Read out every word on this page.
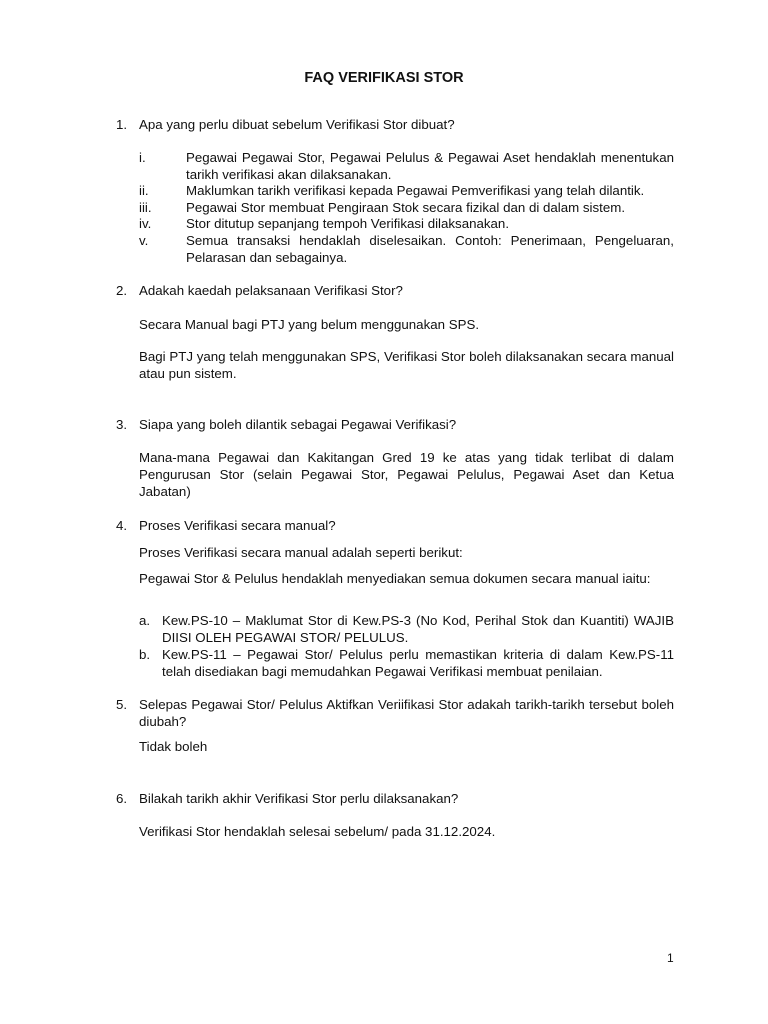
FAQ VERIFIKASI STOR
1. Apa yang perlu dibuat sebelum Verifikasi Stor dibuat?
i.	Pegawai Pegawai Stor, Pegawai Pelulus & Pegawai Aset hendaklah menentukan tarikh verifikasi akan dilaksanakan.
ii.	Maklumkan tarikh verifikasi kepada Pegawai Pemverifikasi yang telah dilantik.
iii.	Pegawai Stor membuat Pengiraan Stok secara fizikal dan di dalam sistem.
iv.	Stor ditutup sepanjang tempoh Verifikasi dilaksanakan.
v.	Semua transaksi hendaklah diselesaikan. Contoh: Penerimaan, Pengeluaran, Pelarasan dan sebagainya.
2. Adakah kaedah pelaksanaan Verifikasi Stor?
Secara Manual bagi PTJ yang belum menggunakan SPS.
Bagi PTJ yang telah menggunakan SPS, Verifikasi Stor boleh dilaksanakan secara manual atau pun sistem.
3. Siapa yang boleh dilantik sebagai Pegawai Verifikasi?
Mana-mana Pegawai dan Kakitangan Gred 19 ke atas yang tidak terlibat di dalam Pengurusan Stor (selain Pegawai Stor, Pegawai Pelulus, Pegawai Aset dan Ketua Jabatan)
4. Proses Verifikasi secara manual?
Proses Verifikasi secara manual adalah seperti berikut:
Pegawai Stor & Pelulus hendaklah menyediakan semua dokumen secara manual iaitu:
a. Kew.PS-10 – Maklumat Stor di Kew.PS-3 (No Kod, Perihal Stok dan Kuantiti) WAJIB DIISI OLEH PEGAWAI STOR/ PELULUS.
b. Kew.PS-11 – Pegawai Stor/ Pelulus perlu memastikan kriteria di dalam Kew.PS-11 telah disediakan bagi memudahkan Pegawai Verifikasi membuat penilaian.
5. Selepas Pegawai Stor/ Pelulus Aktifkan Veriifikasi Stor adakah tarikh-tarikh tersebut boleh diubah?
Tidak boleh
6. Bilakah tarikh akhir Verifikasi Stor perlu dilaksanakan?
Verifikasi Stor hendaklah selesai sebelum/ pada 31.12.2024.
1
